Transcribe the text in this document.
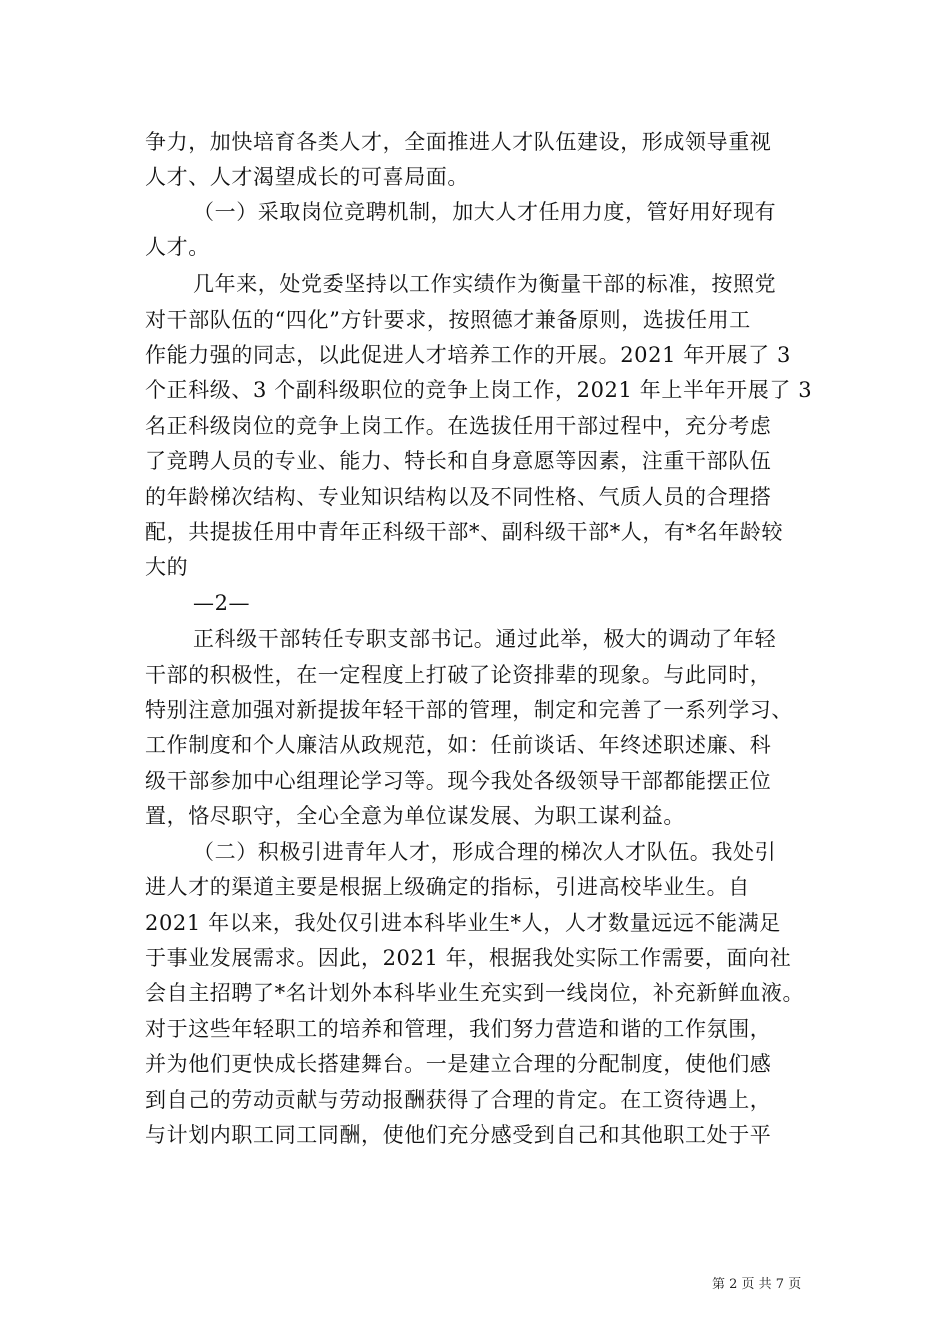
争力，加快培育各类人才，全面推进人才队伍建设，形成领导重视
人才、人才渴望成长的可喜局面。
（一）采取岗位竞聘机制，加大人才任用力度，管好用好现有
人才。
几年来，处党委坚持以工作实绩作为衡量干部的标准，按照党
对干部队伍的“四化”方针要求，按照德才兼备原则，选拔任用工
作能力强的同志，以此促进人才培养工作的开展。2021 年开展了 3
个正科级、3 个副科级职位的竞争上岗工作，2021 年上半年开展了 3
名正科级岗位的竞争上岗工作。在选拔任用干部过程中，充分考虑
了竞聘人员的专业、能力、特长和自身意愿等因素，注重干部队伍
的年龄梯次结构、专业知识结构以及不同性格、气质人员的合理搭
配，共提拔任用中青年正科级干部*、副科级干部*人，有*名年龄较
大的
—2—
正科级干部转任专职支部书记。通过此举，极大的调动了年轻
干部的积极性，在一定程度上打破了论资排辈的现象。与此同时，
特别注意加强对新提拔年轻干部的管理，制定和完善了一系列学习、
工作制度和个人廉洁从政规范，如：任前谈话、年终述职述廉、科
级干部参加中心组理论学习等。现今我处各级领导干部都能摆正位
置，恪尽职守，全心全意为单位谋发展、为职工谋利益。
（二）积极引进青年人才，形成合理的梯次人才队伍。我处引
进人才的渠道主要是根据上级确定的指标，引进高校毕业生。自
2021 年以来，我处仅引进本科毕业生*人，人才数量远远不能满足
于事业发展需求。因此，2021 年，根据我处实际工作需要，面向社
会自主招聘了*名计划外本科毕业生充实到一线岗位，补充新鲜血液。
对于这些年轻职工的培养和管理，我们努力营造和谐的工作氛围，
并为他们更快成长搭建舞台。一是建立合理的分配制度，使他们感
到自己的劳动贡献与劳动报酬获得了合理的肯定。在工资待遇上，
与计划内职工同工同酬，使他们充分感受到自己和其他职工处于平
第 2 页 共 7 页
